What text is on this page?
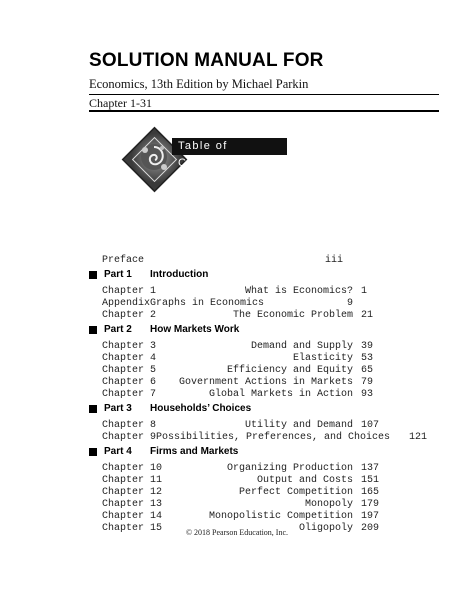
SOLUTION MANUAL FOR
Economics, 13th Edition by Michael Parkin
Chapter 1-31
Table of Contents
Preface	iii
Part 1 Introduction
Chapter 1	What is Economics? 1
Appendix Graphs in Economics	9
Chapter 2	The Economic Problem 21
Part 2 How Markets Work
Chapter 3	Demand and Supply 39
Chapter 4	Elasticity 53
Chapter 5	Efficiency and Equity 65
Chapter 6 Government Actions in Markets 79
Chapter 7	Global Markets in Action 93
Part 3 Households’ Choices
Chapter 8	Utility and Demand 107
Chapter 9 Possibilities, Preferences, and Choices 121
Part 4 Firms and Markets
Chapter 10	Organizing Production 137
Chapter 11	Output and Costs 151
Chapter 12	Perfect Competition 165
Chapter 13	Monopoly 179
Chapter 14	Monopolistic Competition 197
Chapter 15	Oligopoly 209
© 2018 Pearson Education, Inc.
